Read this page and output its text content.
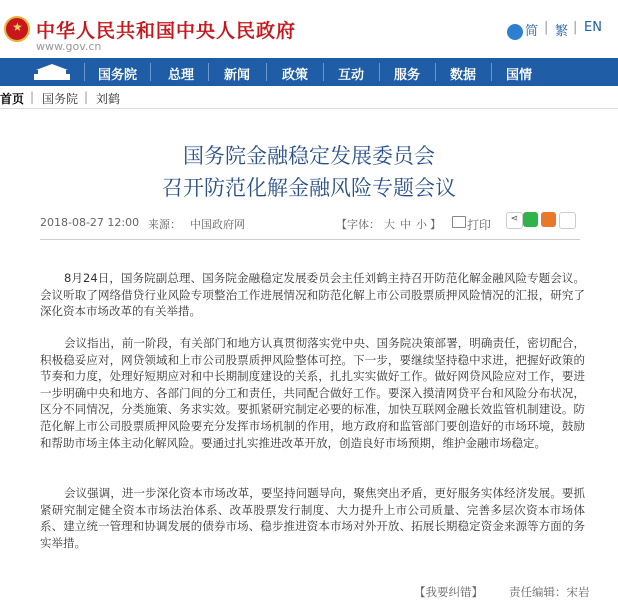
★
中华人民共和国中央人民政府
www.gov.cn
简 | 繁 | EN
国务院 总理 新闻 政策 互动 服务 数据 国情
首页 | 国务院 | 刘鹤
国务院金融稳定发展委员会
召开防范化解金融风险专题会议
2018-08-27 12:00 来源： 中国政府网	【字体： 大 中 小 】 打印	⋖

8月24日，国务院副总理、国务院金融稳定发展委员会主任刘鹤主持召开防范化解金融风险专题会议。会议听取了网络借贷行业风险专项整治工作进展情况和防范化解上市公司股票质押风险情况的汇报，研究了深化资本市场改革的有关举措。

会议指出，前一阶段，有关部门和地方认真贯彻落实党中央、国务院决策部署，明确责任，密切配合，积极稳妥应对，网贷领域和上市公司股票质押风险整体可控。下一步，要继续坚持稳中求进，把握好政策的节奏和力度，处理好短期应对和中长期制度建设的关系，扎扎实实做好工作。做好网贷风险应对工作，要进一步明确中央和地方、各部门间的分工和责任，共同配合做好工作。要深入摸清网贷平台和风险分布状况，区分不同情况，分类施策、务求实效。要抓紧研究制定必要的标准，加快互联网金融长效监管机制建设。防范化解上市公司股票质押风险要充分发挥市场机制的作用，地方政府和监管部门要创造好的市场环境，鼓励和帮助市场主体主动化解风险。要通过扎实推进改革开放，创造良好市场预期，维护金融市场稳定。

会议强调，进一步深化资本市场改革，要坚持问题导向，聚焦突出矛盾，更好服务实体经济发展。要抓紧研究制定健全资本市场法治体系、改革股票发行制度、大力提升上市公司质量、完善多层次资本市场体系、建立统一管理和协调发展的债券市场、稳步推进资本市场对外开放、拓展长期稳定资金来源等方面的务实举措。

【我要纠错】 责任编辑：宋岩
